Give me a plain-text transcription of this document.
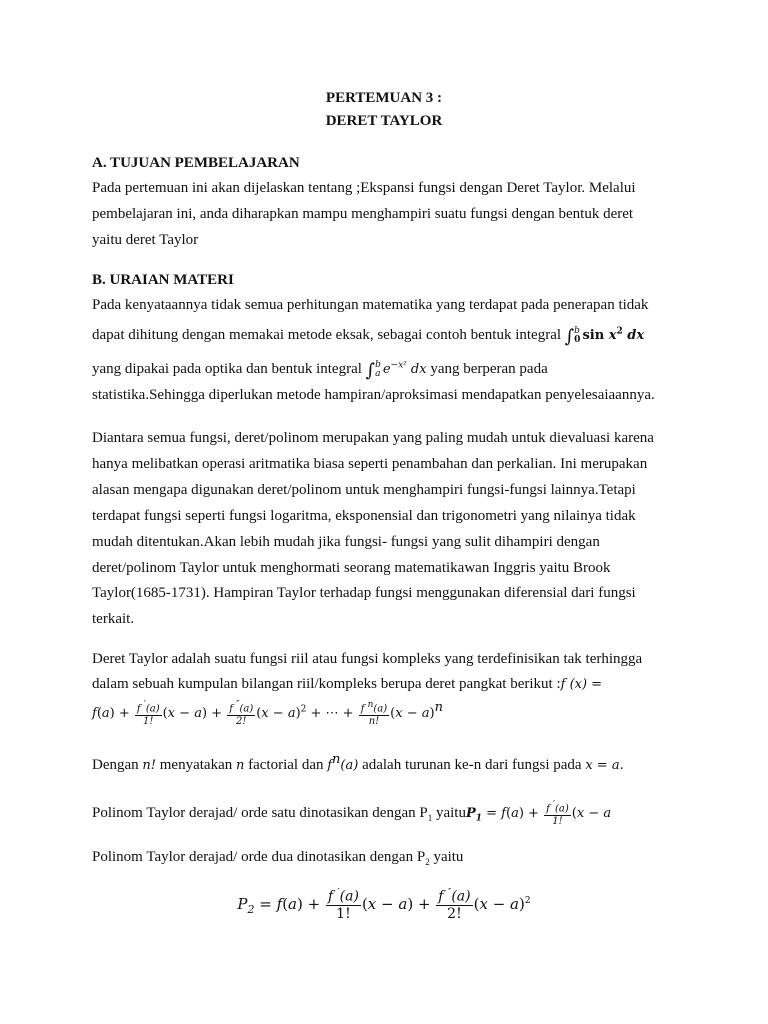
PERTEMUAN 3 :
DERET TAYLOR
A. TUJUAN PEMBELAJARAN
Pada pertemuan ini akan dijelaskan tentang ;Ekspansi fungsi dengan Deret Taylor. Melalui
pembelajaran ini, anda diharapkan mampu menghampiri suatu fungsi dengan bentuk deret
yaitu deret Taylor
B. URAIAN MATERI
Pada kenyataannya tidak semua perhitungan matematika yang terdapat pada penerapan tidak
dapat dihitung dengan memakai metode eksak, sebagai contoh bentuk integral ∫ b
0 $\sin x^2$ dx
yang dipakai pada optika dan bentuk integral ∫ b
a $e^{-x^2}$ dx yang berperan pada
statistika.Sehingga diperlukan metode hampiran/aproksimasi mendapatkan penyelesaiaannya.
Diantara semua fungsi, deret/polinom merupakan yang paling mudah untuk dievaluasi karena
hanya melibatkan operasi aritmatika biasa seperti penambahan dan perkalian. Ini merupakan
alasan mengapa digunakan deret/polinom untuk menghampiri fungsi-fungsi lainnya.Tetapi
terdapat fungsi seperti fungsi logaritma, eksponensial dan trigonometri yang nilainya tidak
mudah ditentukan.Akan lebih mudah jika fungsi- fungsi yang sulit dihampiri dengan
deret/polinom Taylor untuk menghormati seorang matematikawan Inggris yaitu Brook
Taylor(1685-1731). Hampiran Taylor terhadap fungsi menggunakan diferensial dari fungsi
terkait.
Deret Taylor adalah suatu fungsi riil atau fungsi kompleks yang terdefinisikan tak terhingga
dalam sebuah kumpulan bilangan riil/kompleks berupa deret pangkat berikut :f (x) =
$f(a) + \frac{f '(a)}{1!} (x - a) + \frac{f ''(a)}{2!} (x - a)^2$ + ⋯ + $\frac{f ^n(a)}{n!} (x - a)^n$
Dengan n! menyatakan n factorial dan $f^n(a)$ adalah turunan ke-n dari fungsi pada x = a.
Polinom Taylor derajad/ orde satu dinotasikan dengan $P_1$ yaituP$_1$ = $f(a) + \frac{f '(a)}{1!} (x - a$
Polinom Taylor derajad/ orde dua dinotasikan dengan $P_2$ yaitu
$P_2 = f(a) + \frac{f '(a)}{1!} (x - a) + \frac{f ''(a)}{2!} (x - a)^2$
